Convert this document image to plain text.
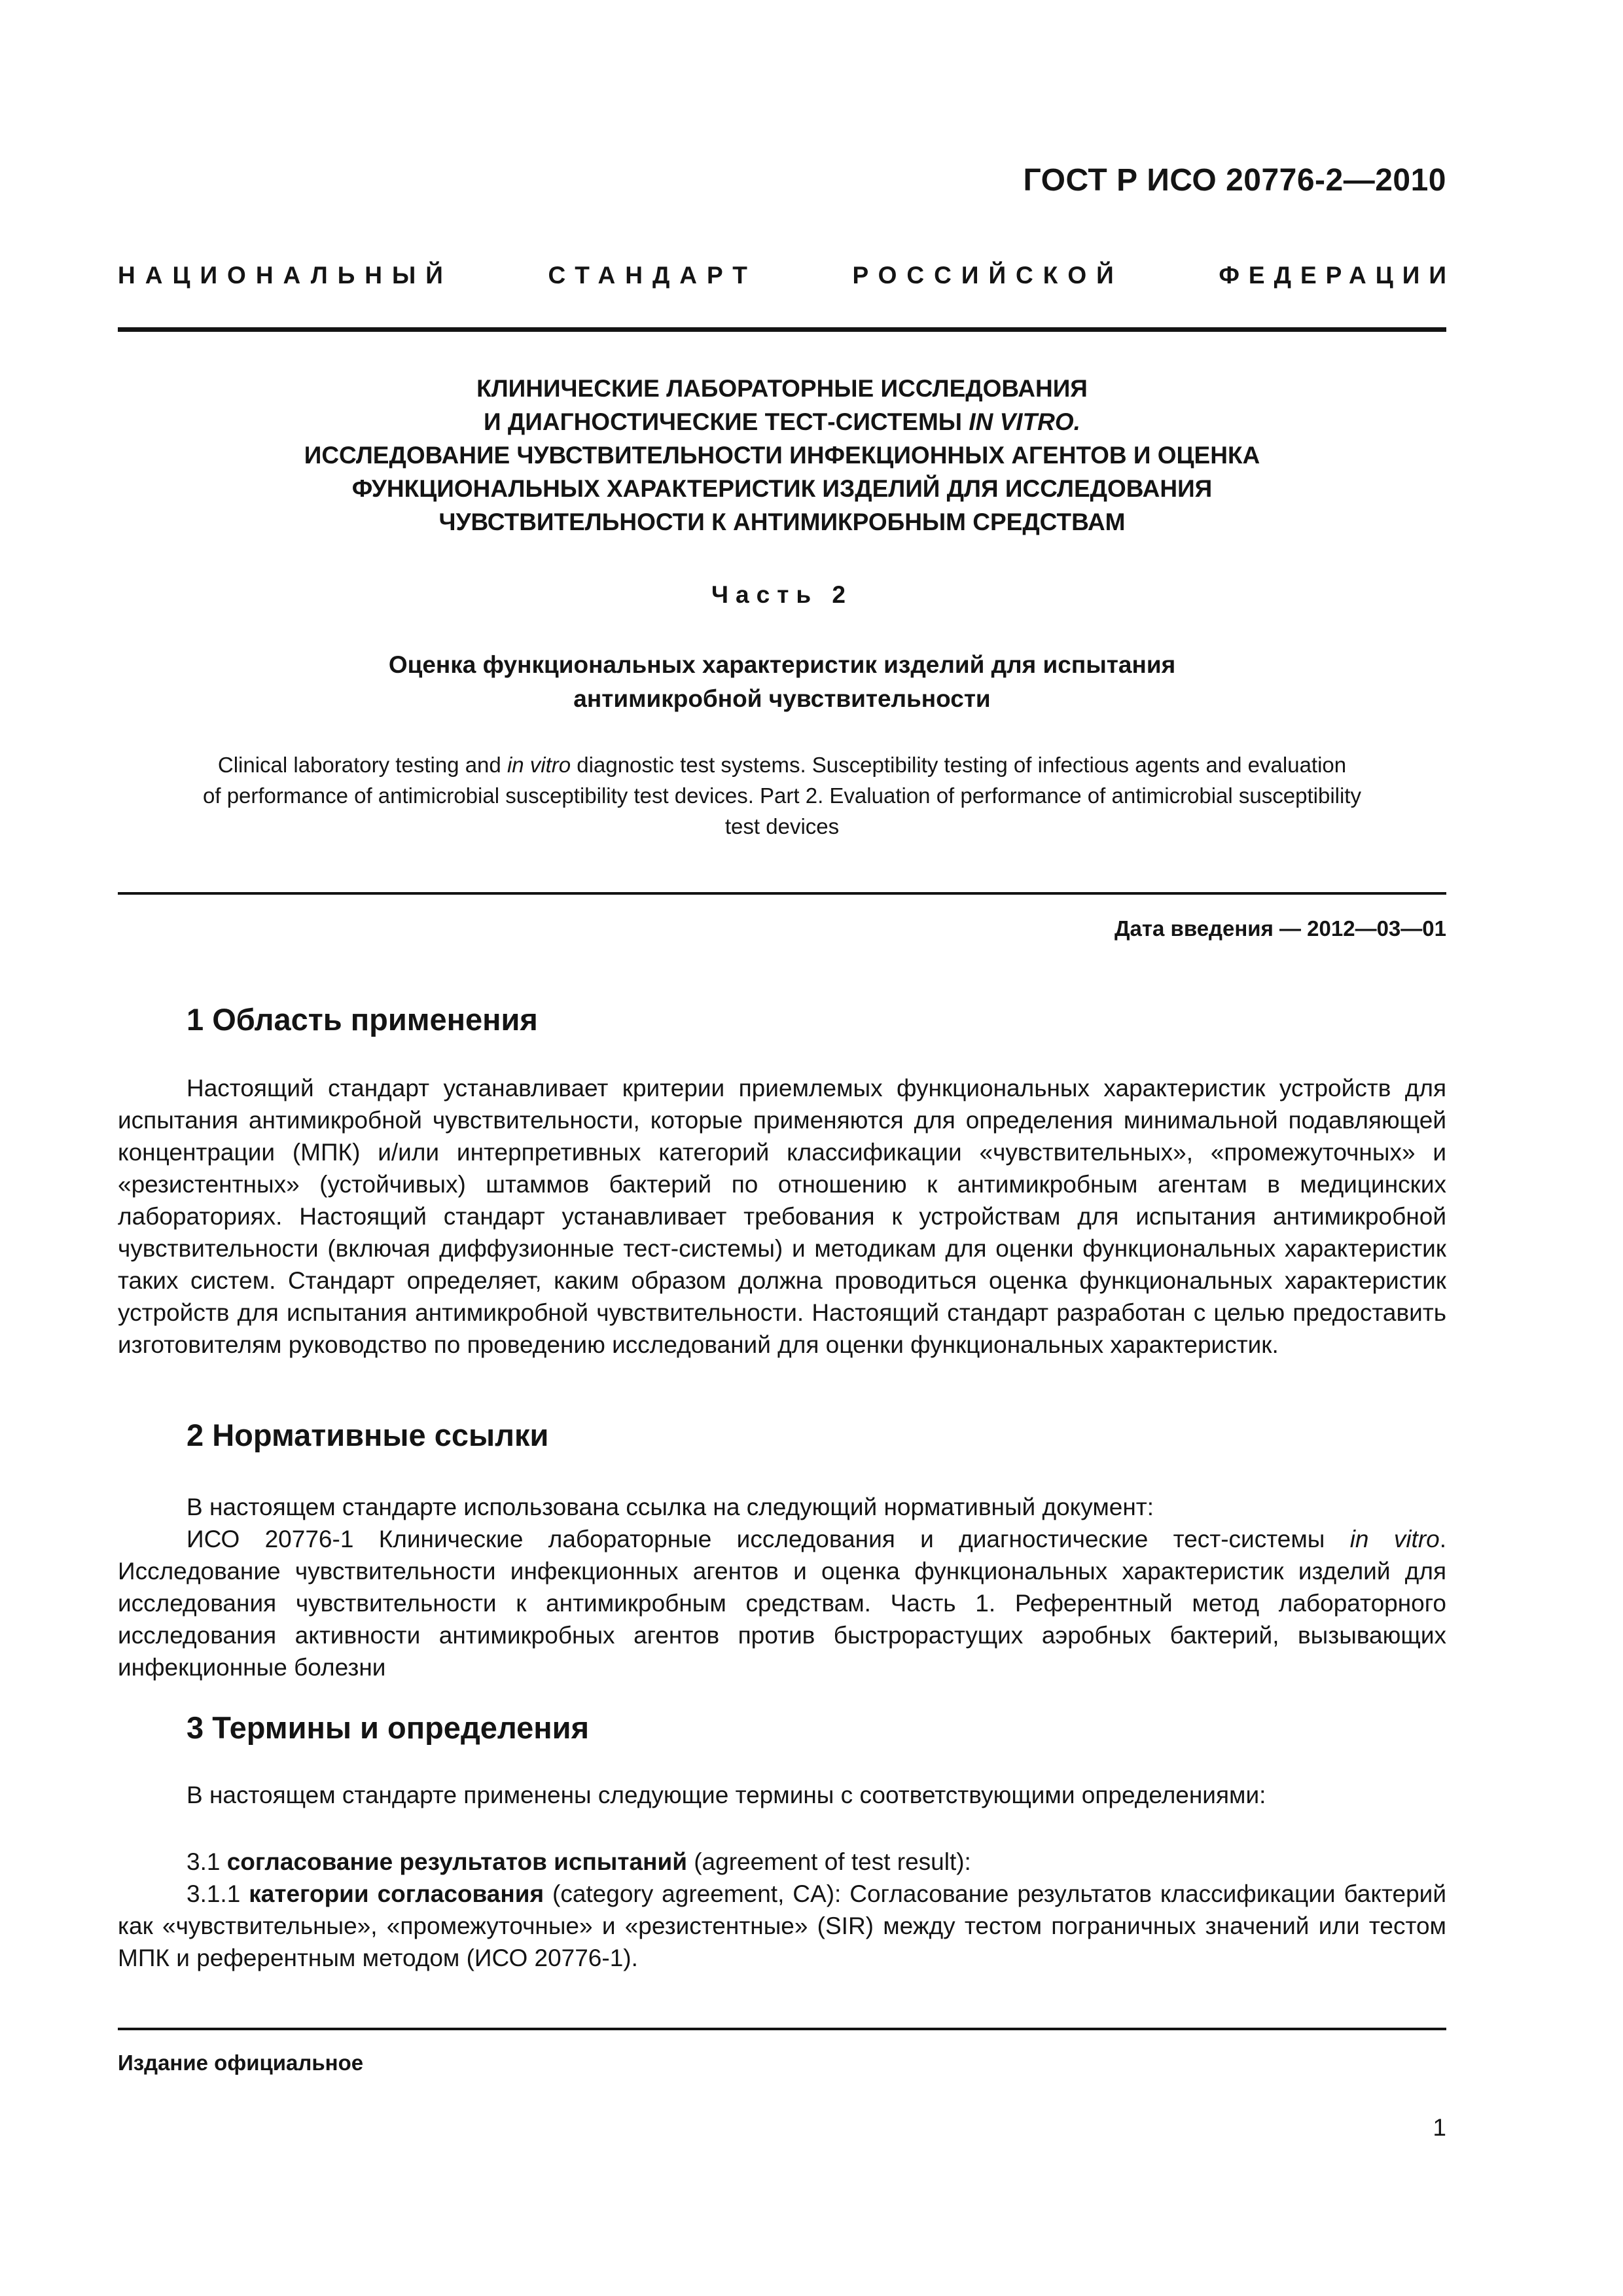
ГОСТ Р ИСО 20776-2—2010
НАЦИОНАЛЬНЫЙ	СТАНДАРТ	РОССИЙСКОЙ	ФЕДЕРАЦИИ
КЛИНИЧЕСКИЕ ЛАБОРАТОРНЫЕ ИССЛЕДОВАНИЯ
И ДИАГНОСТИЧЕСКИЕ ТЕСТ-СИСТЕМЫ IN VITRO.
ИССЛЕДОВАНИЕ ЧУВСТВИТЕЛЬНОСТИ ИНФЕКЦИОННЫХ АГЕНТОВ И ОЦЕНКА
ФУНКЦИОНАЛЬНЫХ ХАРАКТЕРИСТИК ИЗДЕЛИЙ ДЛЯ ИССЛЕДОВАНИЯ
ЧУВСТВИТЕЛЬНОСТИ К АНТИМИКРОБНЫМ СРЕДСТВАМ
Часть 2
Оценка функциональных характеристик изделий для испытания
антимикробной чувствительности
Clinical laboratory testing and in vitro diagnostic test systems. Susceptibility testing of infectious agents and evaluation
of performance of antimicrobial susceptibility test devices. Part 2. Evaluation of performance of antimicrobial susceptibility
test devices
Дата введения — 2012—03—01
1 Область применения
Настоящий стандарт устанавливает критерии приемлемых функциональных характеристик устройств для испытания антимикробной чувствительности, которые применяются для определения минимальной подавляющей концентрации (МПК) и/или интерпретивных категорий классификации «чувствительных», «промежуточных» и «резистентных» (устойчивых) штаммов бактерий по отношению к антимикробным агентам в медицинских лабораториях. Настоящий стандарт устанавливает требования к устройствам для испытания антимикробной чувствительности (включая диффузионные тест-системы) и методикам для оценки функциональных характеристик таких систем. Стандарт определяет, каким образом должна проводиться оценка функциональных характеристик устройств для испытания антимикробной чувствительности. Настоящий стандарт разработан с целью предоставить изготовителям руководство по проведению исследований для оценки функциональных характеристик.
2 Нормативные ссылки
В настоящем стандарте использована ссылка на следующий нормативный документ:
ИСО 20776-1 Клинические лабораторные исследования и диагностические тест-системы in vitro. Исследование чувствительности инфекционных агентов и оценка функциональных характеристик изделий для исследования чувствительности к антимикробным средствам. Часть 1. Референтный метод лабораторного исследования активности антимикробных агентов против быстрорастущих аэробных бактерий, вызывающих инфекционные болезни
3 Термины и определения
В настоящем стандарте применены следующие термины с соответствующими определениями:
3.1 согласование результатов испытаний (agreement of test result):
3.1.1 категории согласования (category agreement, CA): Согласование результатов классификации бактерий как «чувствительные», «промежуточные» и «резистентные» (SIR) между тестом пограничных значений или тестом МПК и референтным методом (ИСО 20776-1).
Издание официальное
1
